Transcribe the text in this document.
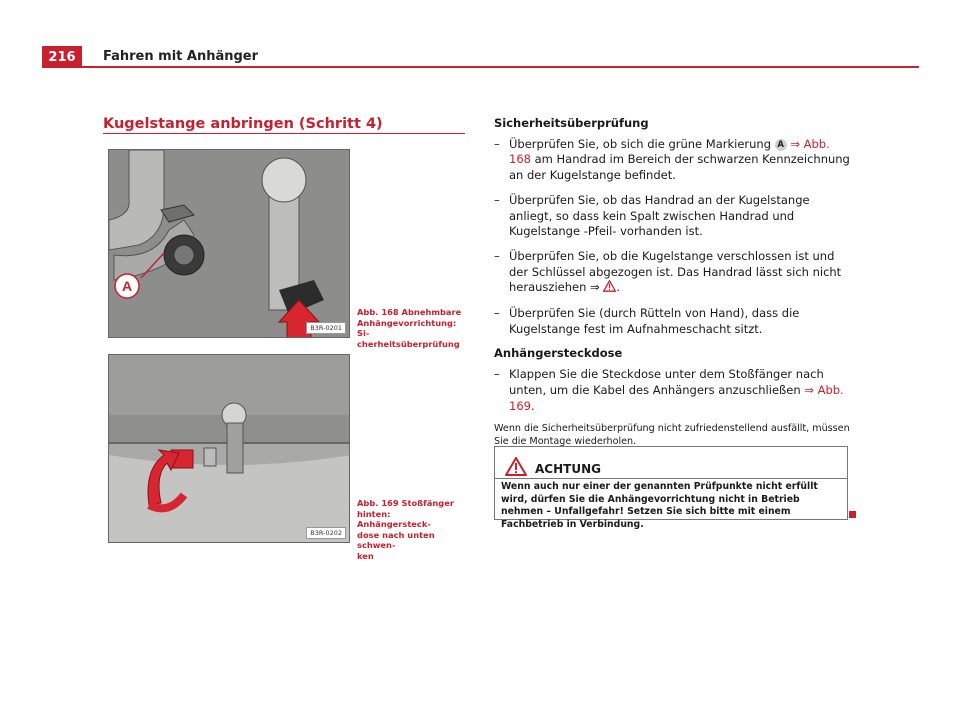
216	Fahren mit Anhänger
Kugelstange anbringen (Schritt 4)
A
B3R-0201
Abb. 168 Abnehmbare
Anhängevorrichtung: Si-
cherheitsüberprüfung
B3R-0202
Abb. 169 Stoßfänger
hinten: Anhängersteck-
dose nach unten schwen-
ken
Sicherheitsüberprüfung
– Überprüfen Sie, ob sich die grüne Markierung A ⇒ Abb. 168 am Handrad im Bereich der schwarzen Kennzeichnung an der Kugelstange befindet.
– Überprüfen Sie, ob das Handrad an der Kugelstange anliegt, so dass kein Spalt zwischen Handrad und Kugelstange -Pfeil- vorhanden ist.
– Überprüfen Sie, ob die Kugelstange verschlossen ist und der Schlüssel abgezogen ist. Das Handrad lässt sich nicht herausziehen ⇒ .
– Überprüfen Sie (durch Rütteln von Hand), dass die Kugelstange fest im Aufnahmeschacht sitzt.
Anhängersteckdose
– Klappen Sie die Steckdose unter dem Stoßfänger nach unten, um die Kabel des Anhängers anzuschließen ⇒ Abb. 169.
Wenn die Sicherheitsüberprüfung nicht zufriedenstellend ausfällt, müssen Sie die Montage wiederholen.
ACHTUNG
Wenn auch nur einer der genannten Prüfpunkte nicht erfüllt wird, dürfen Sie die Anhängevorrichtung nicht in Betrieb nehmen – Unfallgefahr! Setzen Sie sich bitte mit einem Fachbetrieb in Verbindung.
